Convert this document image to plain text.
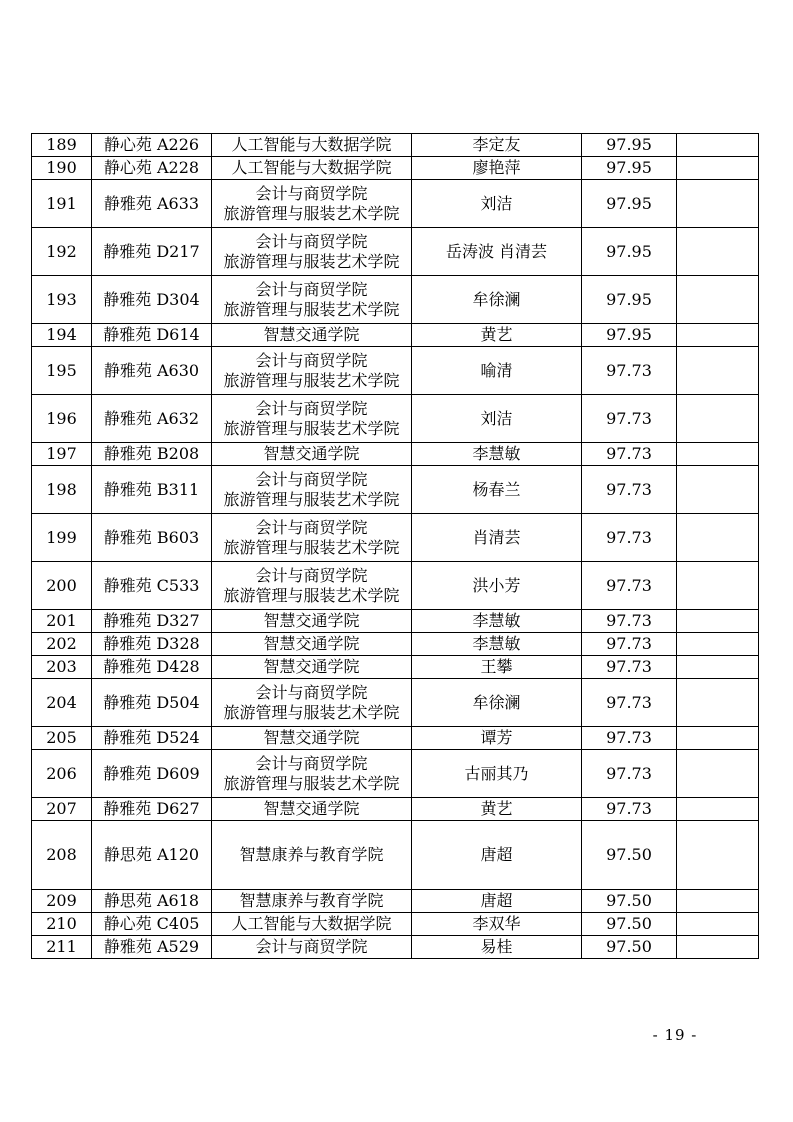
189	静心苑 A226	人工智能与大数据学院	李定友	97.95	
190	静心苑 A228	人工智能与大数据学院	廖艳萍	97.95	
191	静雅苑 A633	会计与商贸学院
旅游管理与服装艺术学院	刘洁	97.95	
192	静雅苑 D217	会计与商贸学院
旅游管理与服装艺术学院	岳涛波 肖清芸	97.95	
193	静雅苑 D304	会计与商贸学院
旅游管理与服装艺术学院	牟徐澜	97.95	
194	静雅苑 D614	智慧交通学院	黄艺	97.95	
195	静雅苑 A630	会计与商贸学院
旅游管理与服装艺术学院	喻清	97.73	
196	静雅苑 A632	会计与商贸学院
旅游管理与服装艺术学院	刘洁	97.73	
197	静雅苑 B208	智慧交通学院	李慧敏	97.73	
198	静雅苑 B311	会计与商贸学院
旅游管理与服装艺术学院	杨春兰	97.73	
199	静雅苑 B603	会计与商贸学院
旅游管理与服装艺术学院	肖清芸	97.73	
200	静雅苑 C533	会计与商贸学院
旅游管理与服装艺术学院	洪小芳	97.73	
201	静雅苑 D327	智慧交通学院	李慧敏	97.73	
202	静雅苑 D328	智慧交通学院	李慧敏	97.73	
203	静雅苑 D428	智慧交通学院	王攀	97.73	
204	静雅苑 D504	会计与商贸学院
旅游管理与服装艺术学院	牟徐澜	97.73	
205	静雅苑 D524	智慧交通学院	谭芳	97.73	
206	静雅苑 D609	会计与商贸学院
旅游管理与服装艺术学院	古丽其乃	97.73	
207	静雅苑 D627	智慧交通学院	黄艺	97.73	
208	静思苑 A120	智慧康养与教育学院	唐超	97.50	
209	静思苑 A618	智慧康养与教育学院	唐超	97.50	
210	静心苑 C405	人工智能与大数据学院	李双华	97.50	
211	静雅苑 A529	会计与商贸学院	易桂	97.50	
- 19 -
